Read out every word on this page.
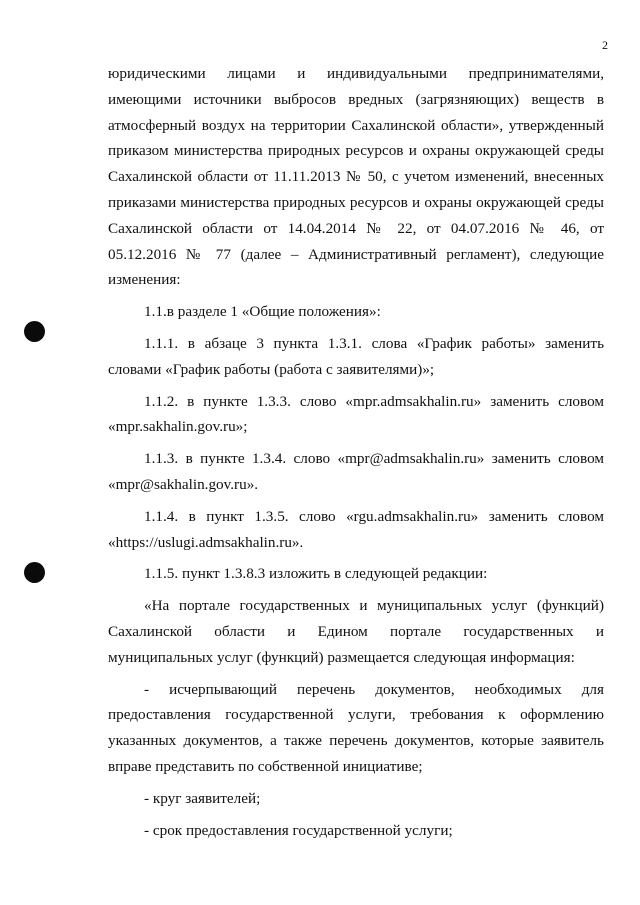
2

юридическими лицами и индивидуальными предпринимателями,

имеющими источники выбросов вредных (загрязняющих) веществ в

атмосферный воздух на территории Сахалинской области», утвержденный

приказом министерства природных ресурсов и охраны окружающей среды

Сахалинской области от 11.11.2013 № 50, с учетом изменений, внесенных

приказами министерства природных ресурсов и охраны окружающей среды

Сахалинской области от 14.04.2014 № 22, от 04.07.2016 № 46, от

05.12.2016 № 77 (далее – Административный регламент), следующие

изменения:

1.1.в разделе 1 «Общие положения»:

1.1.1. в абзаце 3 пункта 1.3.1. слова «График работы» заменить

словами «График работы (работа с заявителями)»;

1.1.2. в пункте 1.3.3. слово «mpr.admsakhalin.ru» заменить словом

«mpr.sakhalin.gov.ru»;

1.1.3. в пункте 1.3.4. слово «mpr@admsakhalin.ru» заменить словом

«mpr@sakhalin.gov.ru».

1.1.4. в пункт 1.3.5. слово «rgu.admsakhalin.ru» заменить словом

«https://uslugi.admsakhalin.ru».

1.1.5. пункт 1.3.8.3 изложить в следующей редакции:

«На портале государственных и муниципальных услуг (функций)

Сахалинской области и Едином портале государственных и

муниципальных услуг (функций) размещается следующая информация:

- исчерпывающий перечень документов, необходимых для

предоставления государственной услуги, требования к оформлению

указанных документов, а также перечень документов, которые заявитель

вправе представить по собственной инициативе;

- круг заявителей;

- срок предоставления государственной услуги;
